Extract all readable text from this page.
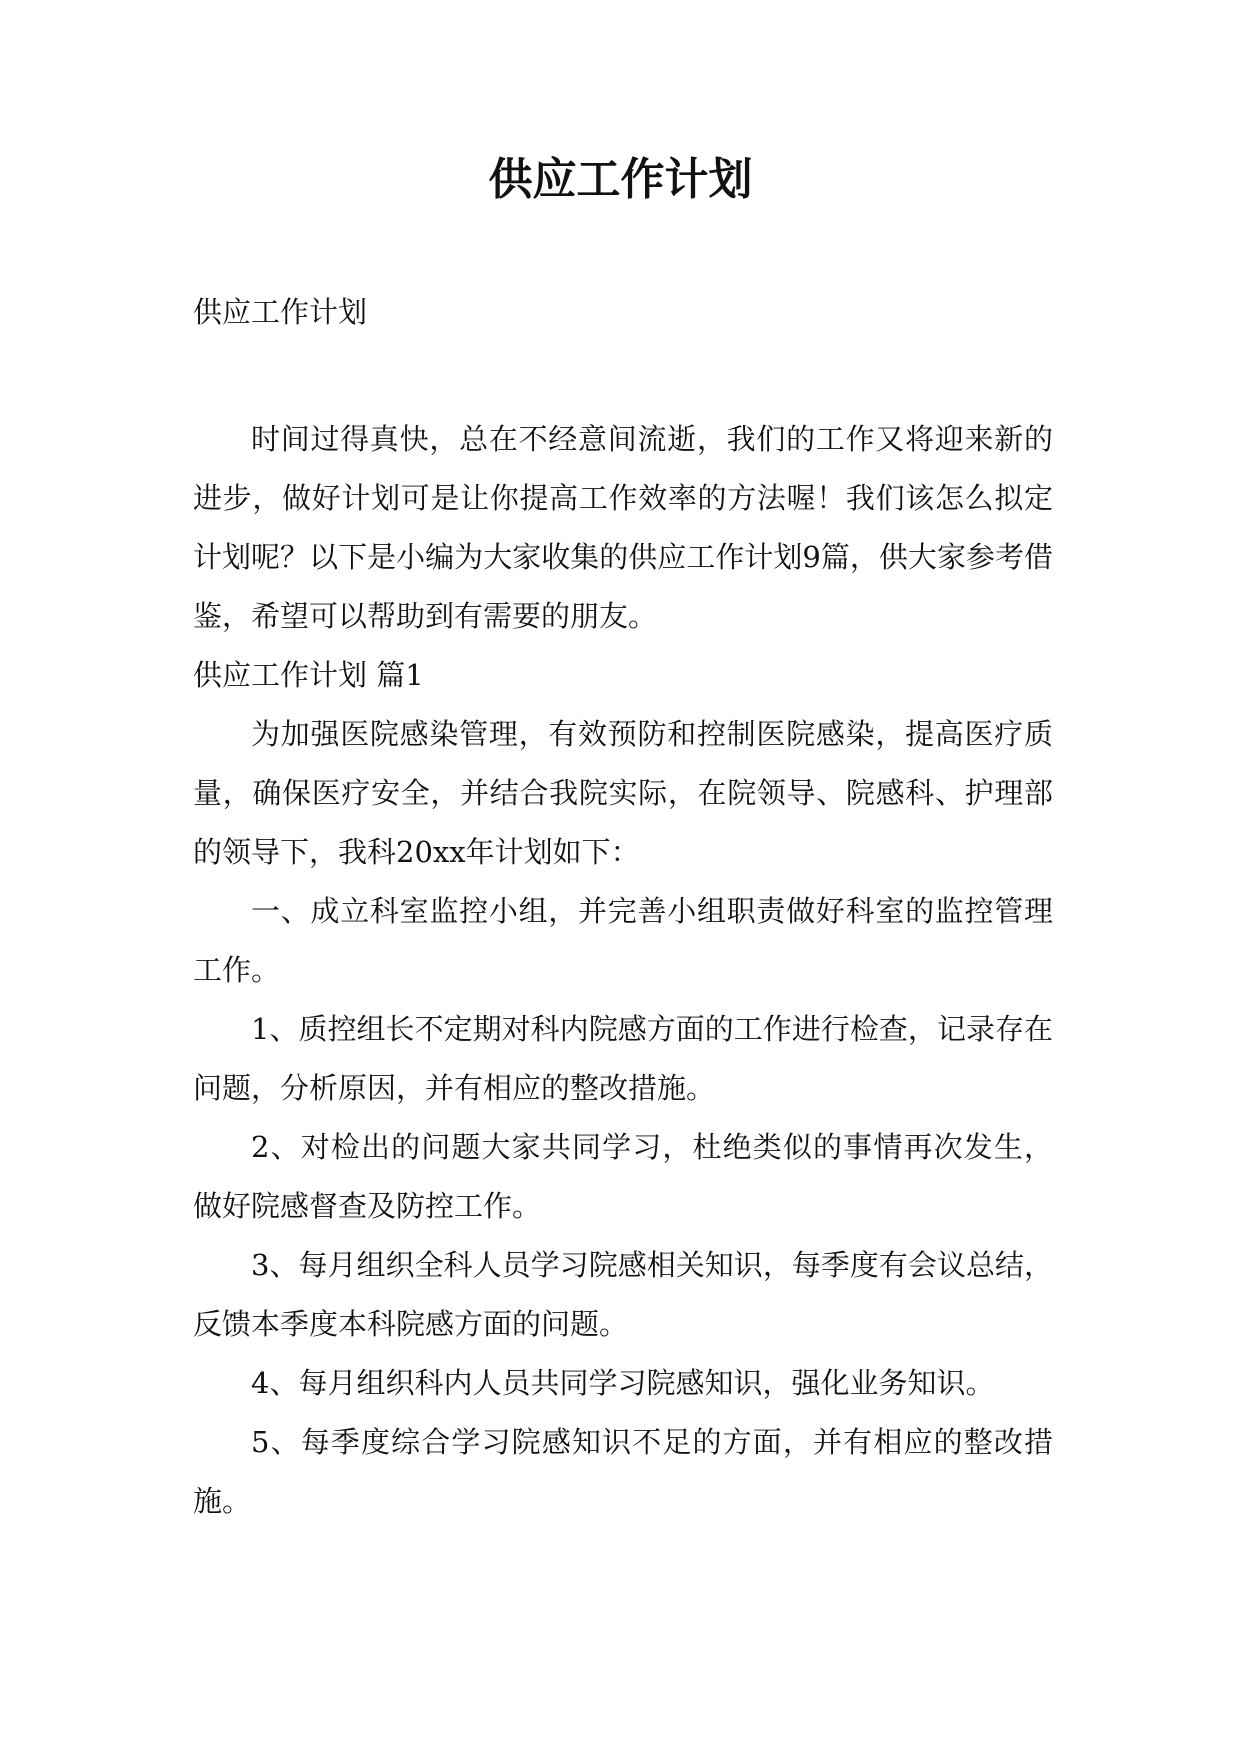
供应工作计划

供应工作计划

时间过得真快，总在不经意间流逝，我们的工作又将迎来新的进步，做好计划可是让你提高工作效率的方法喔！我们该怎么拟定计划呢？以下是小编为大家收集的供应工作计划9篇，供大家参考借鉴，希望可以帮助到有需要的朋友。

供应工作计划 篇1

为加强医院感染管理，有效预防和控制医院感染，提高医疗质量，确保医疗安全，并结合我院实际，在院领导、院感科、护理部的领导下，我科20xx年计划如下：

一、成立科室监控小组，并完善小组职责做好科室的监控管理工作。

1、质控组长不定期对科内院感方面的工作进行检查，记录存在问题，分析原因，并有相应的整改措施。

2、对检出的问题大家共同学习，杜绝类似的事情再次发生， 做好院感督查及防控工作。

3、每月组织全科人员学习院感相关知识，每季度有会议总结，反馈本季度本科院感方面的问题。

4、每月组织科内人员共同学习院感知识，强化业务知识。

5、每季度综合学习院感知识不足的方面，并有相应的整改措施。
